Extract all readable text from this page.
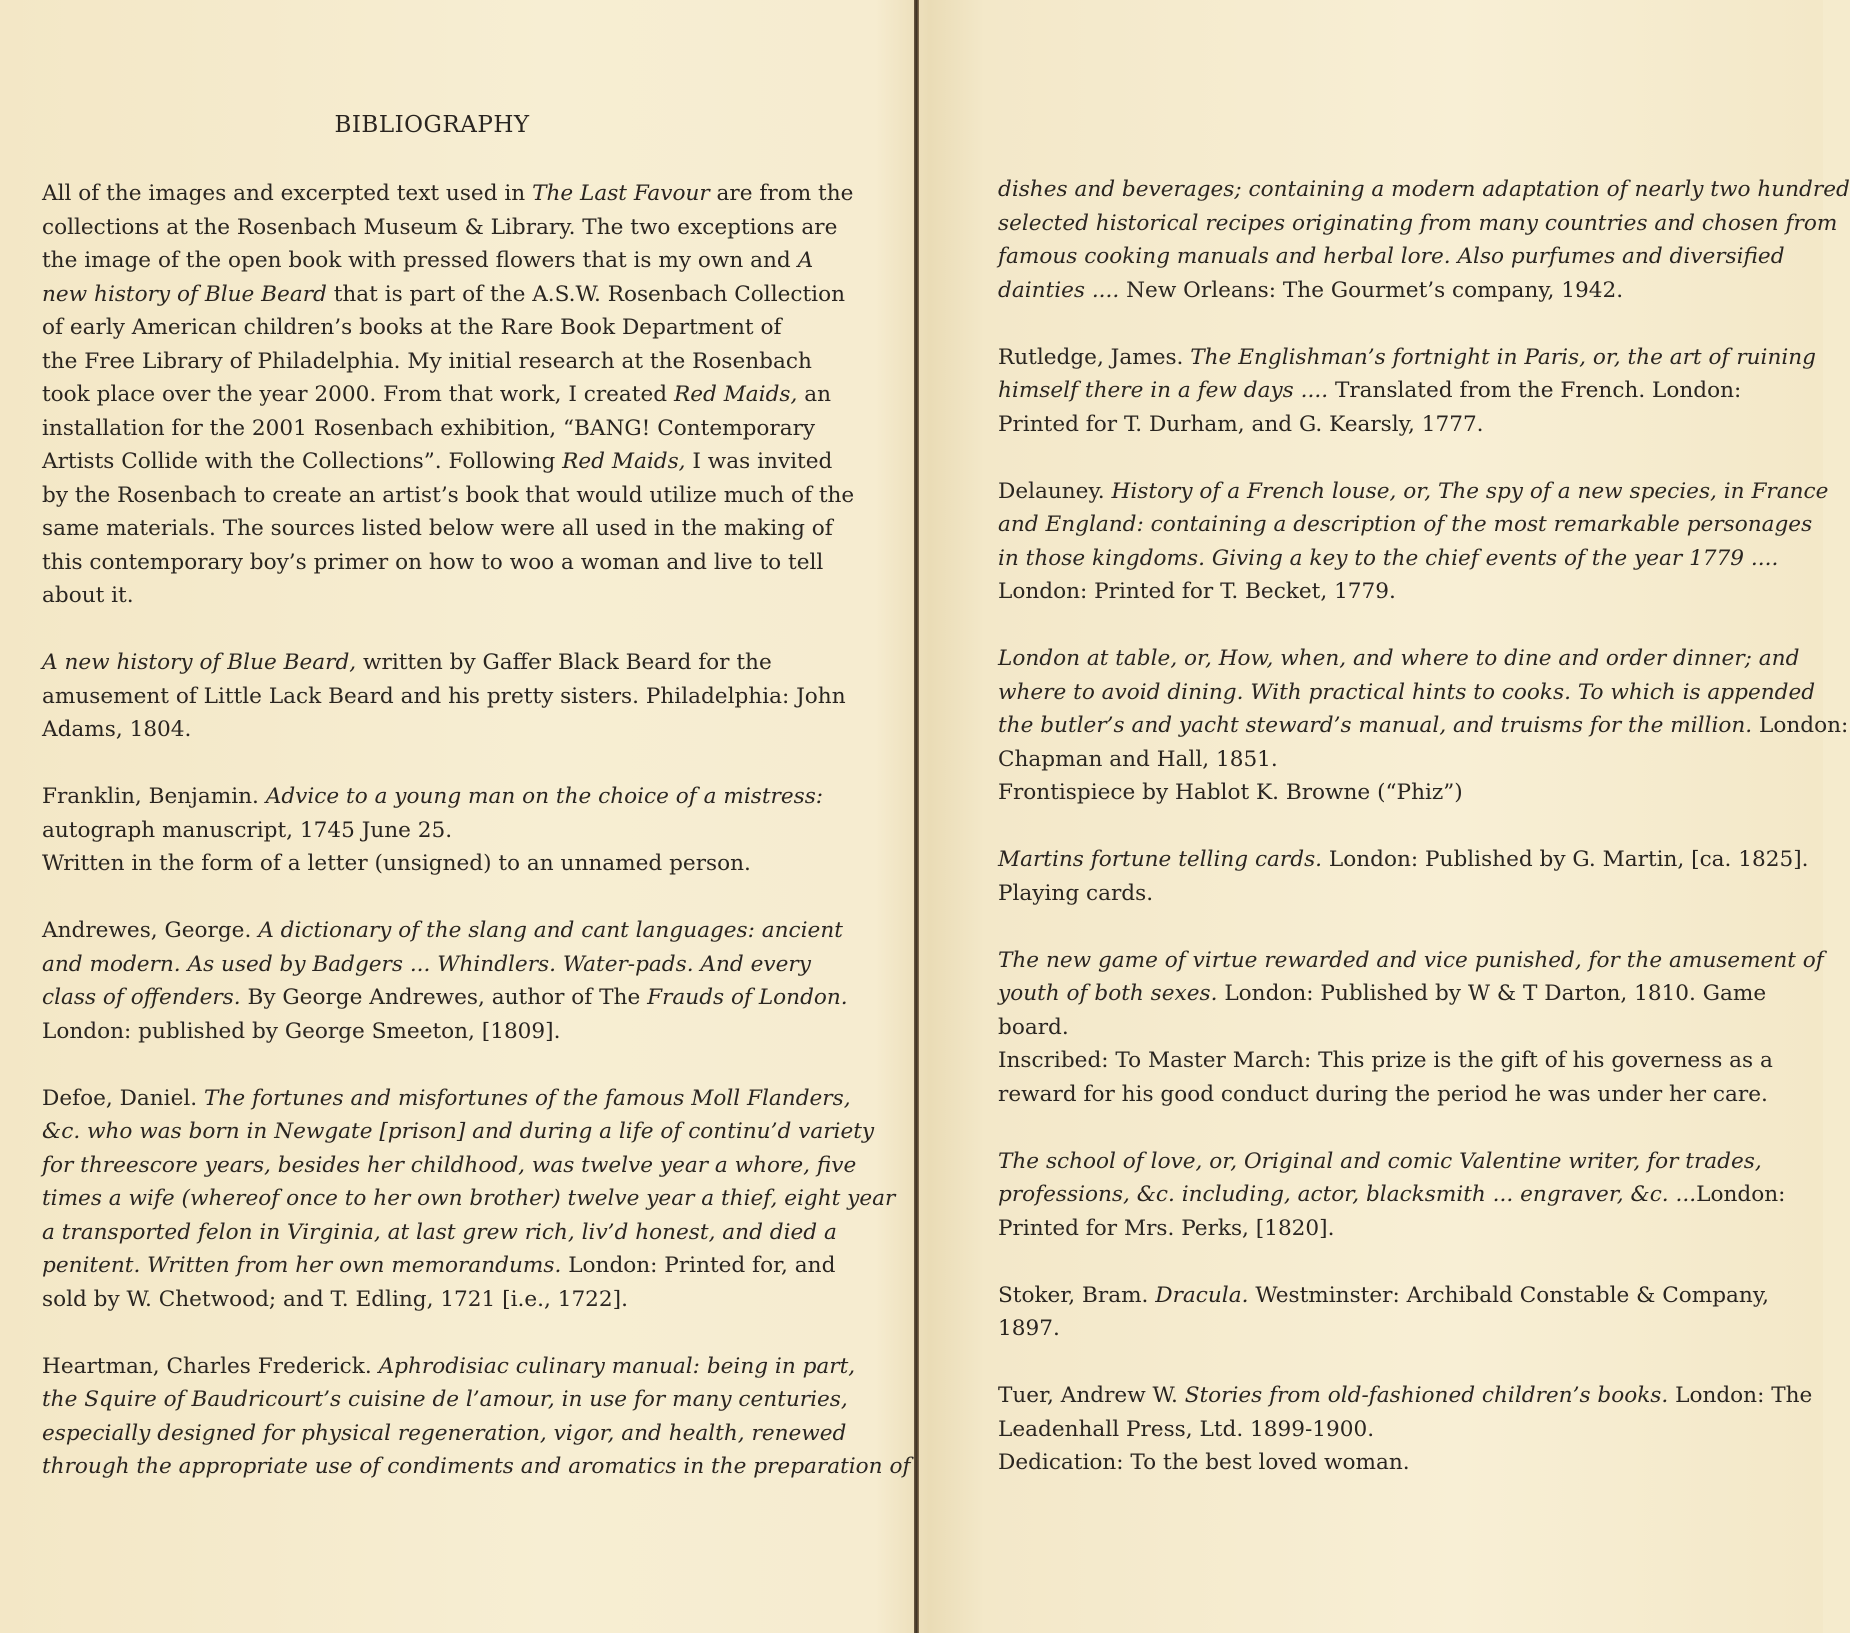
BIBLIOGRAPHY
All of the images and excerpted text used in The Last Favour are from the
collections at the Rosenbach Museum & Library. The two exceptions are
the image of the open book with pressed flowers that is my own and A
new history of Blue Beard that is part of the A.S.W. Rosenbach Collection
of early American children’s books at the Rare Book Department of
the Free Library of Philadelphia. My initial research at the Rosenbach
took place over the year 2000. From that work, I created Red Maids, an
installation for the 2001 Rosenbach exhibition, “BANG! Contemporary
Artists Collide with the Collections”. Following Red Maids, I was invited
by the Rosenbach to create an artist’s book that would utilize much of the
same materials. The sources listed below were all used in the making of
this contemporary boy’s primer on how to woo a woman and live to tell
about it.
A new history of Blue Beard, written by Gaffer Black Beard for the
amusement of Little Lack Beard and his pretty sisters. Philadelphia: John
Adams, 1804.
Franklin, Benjamin. Advice to a young man on the choice of a mistress:
autograph manuscript, 1745 June 25.
Written in the form of a letter (unsigned) to an unnamed person.
Andrewes, George. A dictionary of the slang and cant languages: ancient
and modern. As used by Badgers ... Whindlers. Water-pads. And every
class of offenders. By George Andrewes, author of The Frauds of London.
London: published by George Smeeton, [1809].
Defoe, Daniel. The fortunes and misfortunes of the famous Moll Flanders,
&c. who was born in Newgate [prison] and during a life of continu’d variety
for threescore years, besides her childhood, was twelve year a whore, five
times a wife (whereof once to her own brother) twelve year a thief, eight year
a transported felon in Virginia, at last grew rich, liv’d honest, and died a
penitent. Written from her own memorandums. London: Printed for, and
sold by W. Chetwood; and T. Edling, 1721 [i.e., 1722].
Heartman, Charles Frederick. Aphrodisiac culinary manual: being in part,
the Squire of Baudricourt’s cuisine de l’amour, in use for many centuries,
especially designed for physical regeneration, vigor, and health, renewed
through the appropriate use of condiments and aromatics in the preparation of
dishes and beverages; containing a modern adaptation of nearly two hundred
selected historical recipes originating from many countries and chosen from
famous cooking manuals and herbal lore. Also purfumes and diversified
dainties .... New Orleans: The Gourmet’s company, 1942.
Rutledge, James. The Englishman’s fortnight in Paris, or, the art of ruining
himself there in a few days .... Translated from the French. London:
Printed for T. Durham, and G. Kearsly, 1777.
Delauney. History of a French louse, or, The spy of a new species, in France
and England: containing a description of the most remarkable personages
in those kingdoms. Giving a key to the chief events of the year 1779 ....
London: Printed for T. Becket, 1779.
London at table, or, How, when, and where to dine and order dinner; and
where to avoid dining. With practical hints to cooks. To which is appended
the butler’s and yacht steward’s manual, and truisms for the million. London:
Chapman and Hall, 1851.
Frontispiece by Hablot K. Browne (“Phiz”)
Martins fortune telling cards. London: Published by G. Martin, [ca. 1825].
Playing cards.
The new game of virtue rewarded and vice punished, for the amusement of
youth of both sexes. London: Published by W & T Darton, 1810. Game
board.
Inscribed: To Master March: This prize is the gift of his governess as a
reward for his good conduct during the period he was under her care.
The school of love, or, Original and comic Valentine writer, for trades,
professions, &c. including, actor, blacksmith ... engraver, &c. ...London:
Printed for Mrs. Perks, [1820].
Stoker, Bram. Dracula. Westminster: Archibald Constable & Company,
1897.
Tuer, Andrew W. Stories from old-fashioned children’s books. London: The
Leadenhall Press, Ltd. 1899-1900.
Dedication: To the best loved woman.
